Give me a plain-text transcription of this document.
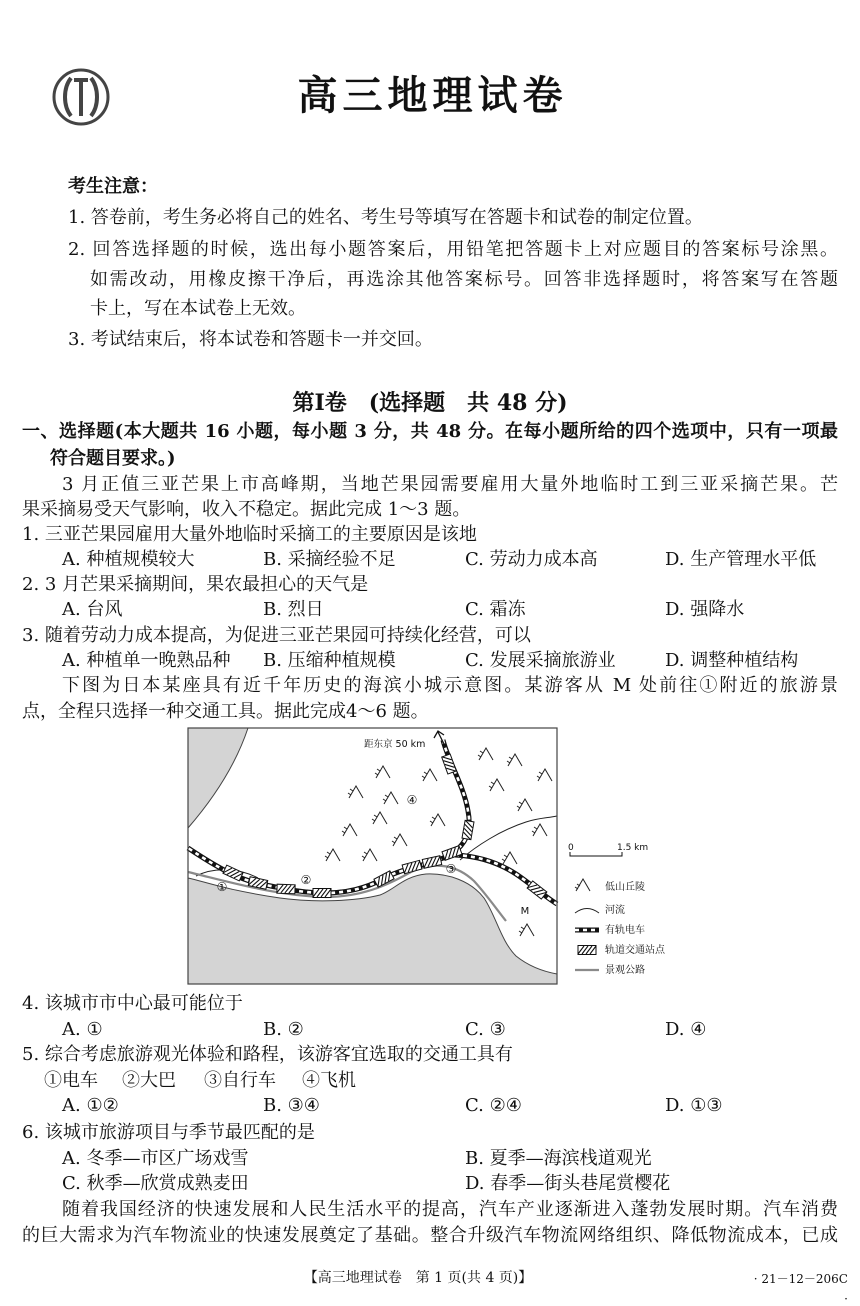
高三地理试卷
考生注意：
1. 答卷前，考生务必将自己的姓名、考生号等填写在答题卡和试卷的制定位置。
2. 回答选择题的时候，选出每小题答案后，用铅笔把答题卡上对应题目的答案标号涂黑。
如需改动，用橡皮擦干净后，再选涂其他答案标号。回答非选择题时，将答案写在答题
卡上，写在本试卷上无效。
3. 考试结束后，将本试卷和答题卡一并交回。
第Ⅰ卷　(选择题　共 48 分)
一、选择题(本大题共 16 小题，每小题 3 分，共 48 分。在每小题所给的四个选项中，只有一项最
符合题目要求。)
3 月正值三亚芒果上市高峰期，当地芒果园需要雇用大量外地临时工到三亚采摘芒果。芒
果采摘易受天气影响，收入不稳定。据此完成 1～3 题。
1. 三亚芒果园雇用大量外地临时采摘工的主要原因是该地
A. 种植规模较大	B. 采摘经验不足	C. 劳动力成本高	D. 生产管理水平低
2. 3 月芒果采摘期间，果农最担心的天气是
A. 台风	B. 烈日	C. 霜冻	D. 强降水
3. 随着劳动力成本提高，为促进三亚芒果园可持续化经营，可以
A. 种植单一晚熟品种 B. 压缩种植规模	C. 发展采摘旅游业	D. 调整种植结构
下图为日本某座具有近千年历史的海滨小城示意图。某游客从 M 处前往①附近的旅游景
点，全程只选择一种交通工具。据此完成4～6 题。
距东京 50 km
④
②
①
③
M
0	1.5 km
低山丘陵
河流
有轨电车
轨道交通站点
景观公路
4. 该城市市中心最可能位于
A. ①	B. ②	C. ③	D. ④
5. 综合考虑旅游观光体验和路程，该游客宜选取的交通工具有
①电车 ②大巴 ③自行车 ④飞机
A. ①②	B. ③④	C. ②④	D. ①③
6. 该城市旅游项目与季节最匹配的是
A. 冬季—市区广场戏雪	B. 夏季—海滨栈道观光
C. 秋季—欣赏成熟麦田	D. 春季—街头巷尾赏樱花
随着我国经济的快速发展和人民生活水平的提高，汽车产业逐渐进入蓬勃发展时期。汽车消费
的巨大需求为汽车物流业的快速发展奠定了基础。整合升级汽车物流网络组织、降低物流成本，已成
【高三地理试卷　第 1 页(共 4 页)】	· 21－12－206C ·
